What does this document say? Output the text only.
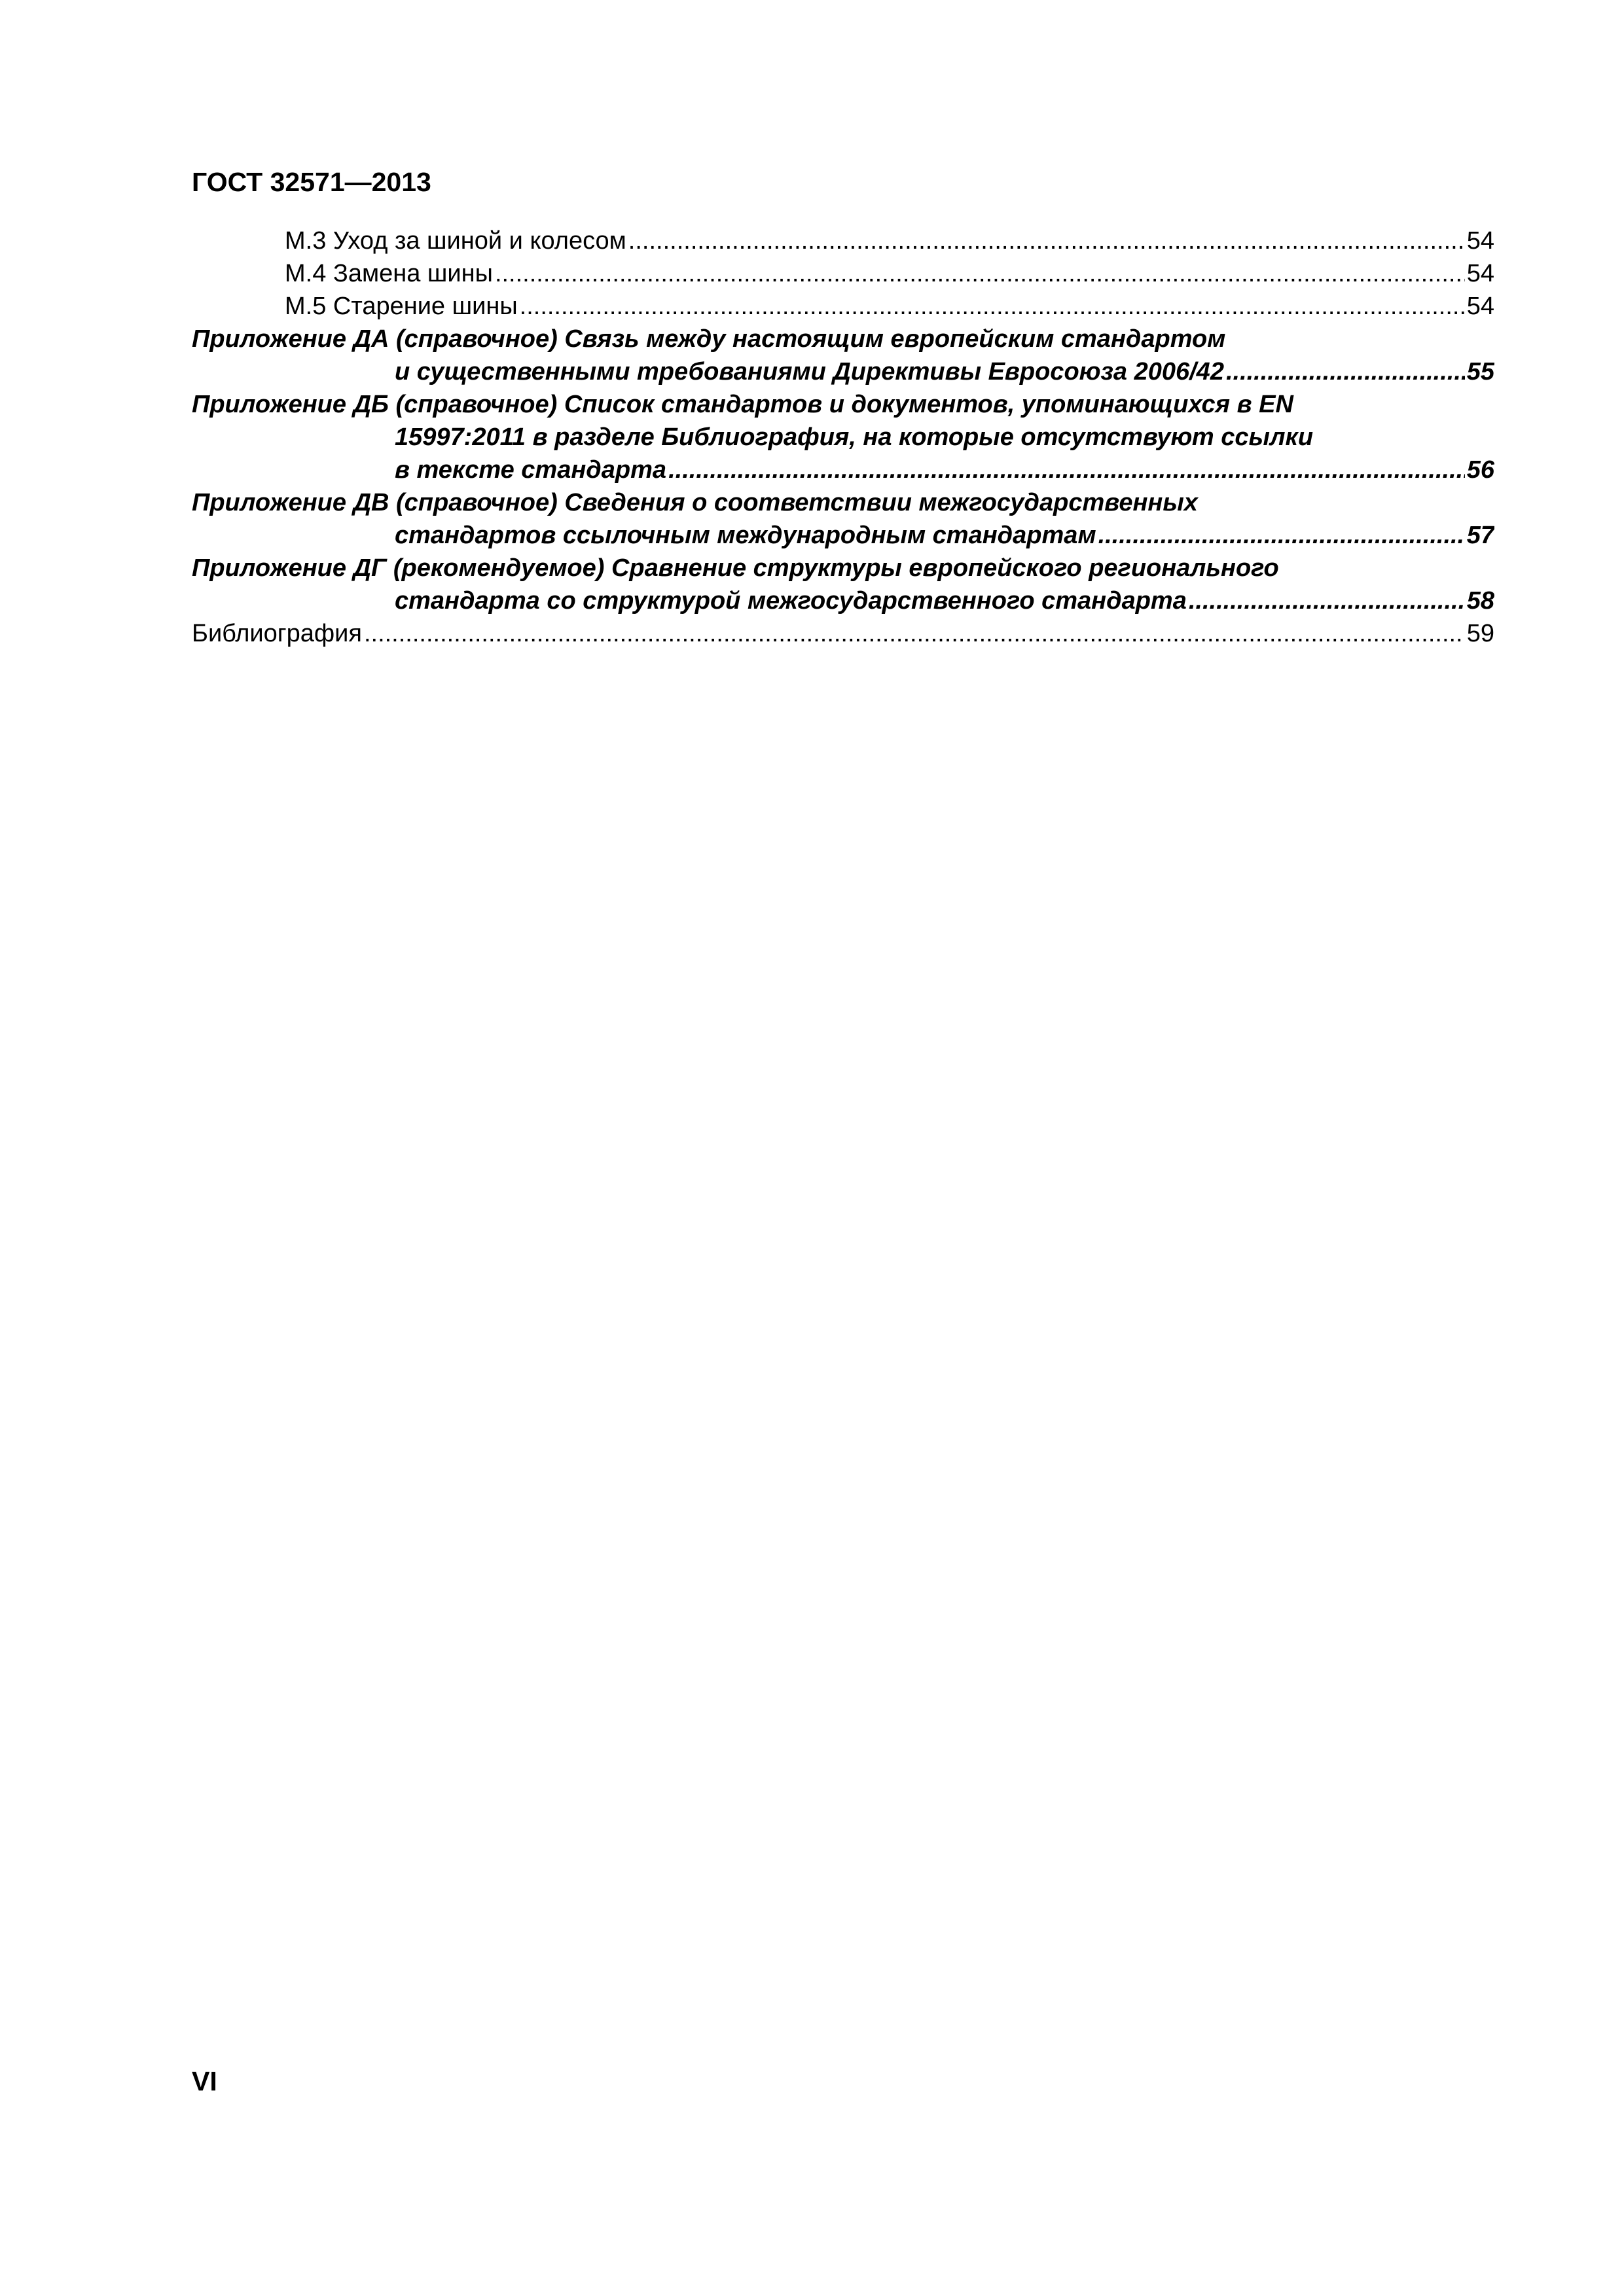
ГОСТ 32571—2013
М.3 Уход за шиной и колесом .....	54
М.4 Замена шины .....	54
М.5 Старение шины .....	54
Приложение ДА (справочное) Связь между настоящим европейским стандартом
и существенными требованиями Директивы Евросоюза 2006/42 .....	55
Приложение ДБ (справочное) Список стандартов и документов, упоминающихся в EN
15997:2011 в разделе Библиография, на которые отсутствуют ссылки
в тексте стандарта .....	56
Приложение ДВ (справочное) Сведения о соответствии межгосударственных
стандартов ссылочным международным стандартам .....	57
Приложение ДГ (рекомендуемое) Сравнение структуры европейского регионального
стандарта со структурой межгосударственного стандарта .....	58
Библиография .....	59
VI
